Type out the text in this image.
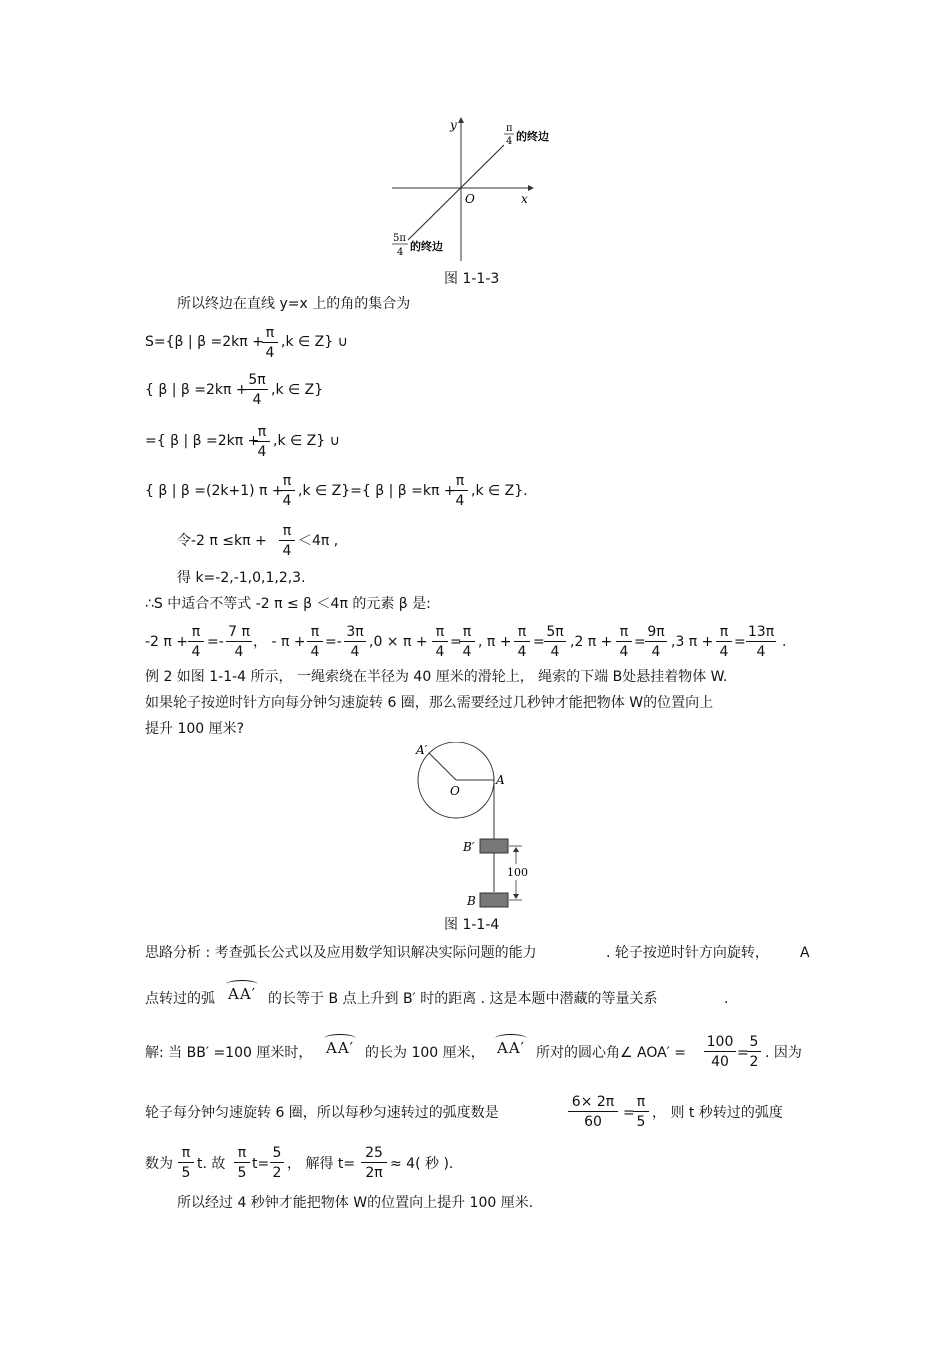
y
x
O
π
4 的终边
5π
4 的终边
图 1-1-3
所以终边在直线 y=x 上的角的集合为
S={β | β =2kπ +
$\frac{\pi}{4} ,k$ ∈ Z} ∪
{ β | β =2kπ +
$\frac{5\pi}{4} ,k$ ∈ Z}
={ β | β =2kπ +
$\frac{\pi}{4} ,k$ ∈ Z} ∪
{ β | β =(2k+1) π +
$\frac{\pi}{4} ,k$ ∈ Z}={ β | β =kπ +
$\frac{\pi}{4} ,k$ ∈ Z}.
令-2 $\pi \le k\pi + \frac{\pi}{4} <4\pi$ ,
得 k=-2,-1,0,1,2,3.
∴S 中适合不等式 -2 π ≤ β ＜4π 的元素 β 是:
-2 $\pi + \frac{\pi}{4} =- \frac{7 \pi}{4}$ ， - $\pi + \frac{\pi}{4} =- \frac{3\pi}{4} ,0 \times \pi + \frac{\pi}{4}$ =
$\frac{\pi}{4}$ , $\pi + \frac{\pi}{4} = \frac{5\pi}{4} ,2$ $\pi + \frac{\pi}{4} = \frac{9\pi}{4} ,3$ $\pi + \frac{\pi}{4} = \frac{13\pi}{4}$ .
例 2 如图 1-1-4 所示， 一绳索绕在半径为 40 厘米的滑轮上， 绳索的下端 B处悬挂着物体 W.
如果轮子按逆时针方向每分钟匀速旋转 6 圈，那么需要经过几秒钟才能把物体 W的位置向上
提升 100 厘米?
A′
A
O
B′
B
100
图 1-1-4
思路分析 : 考查弧长公式以及应用数学知识解决实际问题的能力	. 轮子按逆时针方向旋转， A
点转过的弧 AA′ 的长等于 B 点上升到 B′ 时的距离 . 这是本题中潜藏的等量关系	.
解: 当 BB′ =100 厘米时， AA′ 的长为 100 厘米， AA′ 所对的圆心角∠ $AOA' = \frac{100}{40}$ =
$\frac{5}{2}$ . 因为
轮子每分钟匀速旋转 6 圈，所以每秒匀速转过的弧度数是	$\frac{6\times 2\pi}{60}$ =
$\frac{\pi}{5}$ ， 则 t 秒转过的弧度
数为 $\frac{\pi}{5} t$. 故 $\frac{\pi}{5} t= \frac{5}{2}$ ， 解得 $t= \frac{25}{2\pi} \approx 4$( 秒 ).
所以经过 4 秒钟才能把物体 W的位置向上提升 100 厘米.
